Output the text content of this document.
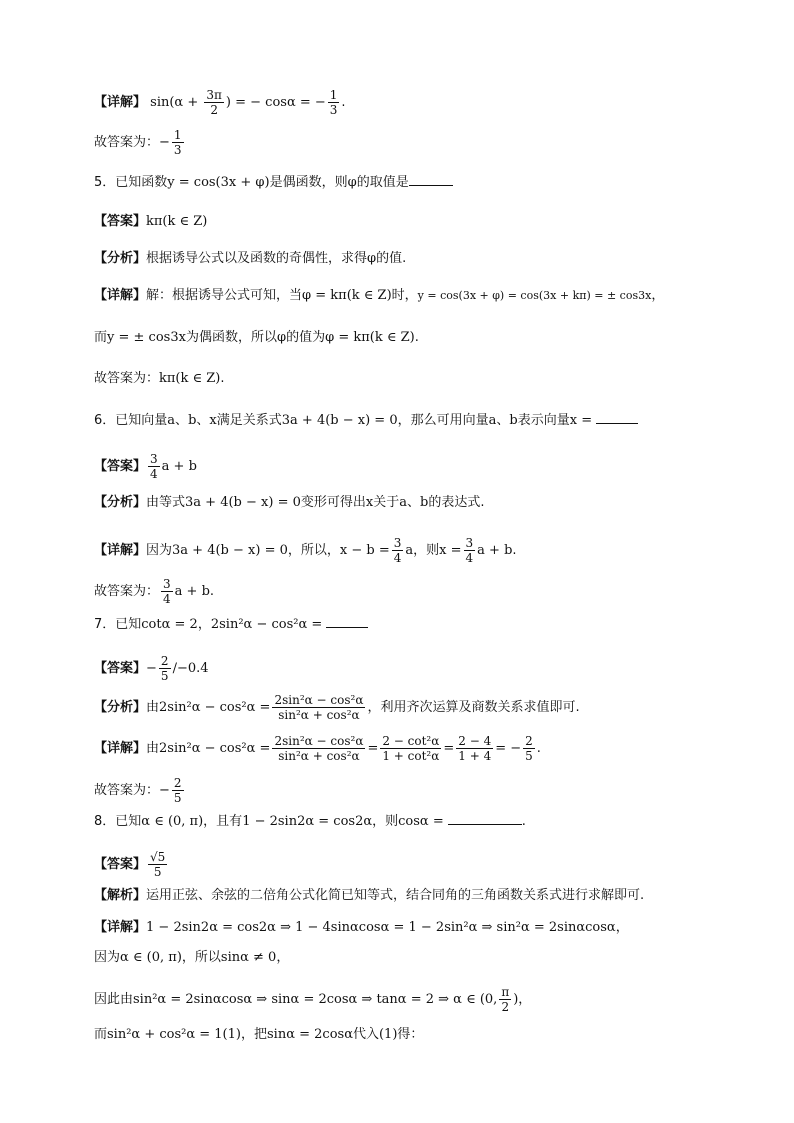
【详解】 $\sin(\alpha + \frac{3\pi}{2}$ ) = − cosα = − $\frac{1}{3}$ .
故答案为：− $\frac{1}{3}$
5．已知函数y = cos(3x + φ)是偶函数，则φ的取值是
【答案】kπ(k ∈ Z)
【分析】根据诱导公式以及函数的奇偶性，求得φ的值.
【详解】解：根据诱导公式可知，当φ = kπ(k ∈ Z)时，y = cos(3x + φ) = cos(3x + kπ) = ± cos3x，
而y = ± cos3x为偶函数，所以φ的值为φ = kπ(k ∈ Z).
故答案为：kπ(k ∈ Z).
6．已知向量a、b、x满足关系式3a + 4(b − x) = 0，那么可用向量a、b表示向量x =
【答案】 $\frac{3}{4}$ a + b
【分析】由等式3a + 4(b − x) = 0变形可得出x关于a、b的表达式.
【详解】因为3a + 4(b − x) = 0，所以，$x - b = \frac{3}{4}$ a，则$x = \frac{3}{4}$ a + b.
故答案为： $\frac{3}{4}$ a + b.
7．已知cotα = 2，2sin²α − cos²α =
【答案】− $\frac{2}{5} /-0.4$
【分析】由$2\sin^2\alpha - \cos^2\alpha = \frac{\text{2sin²α − cos²α}}{\text{sin²α + cos²α}}$ ，利用齐次运算及商数关系求值即可.
【详解】由$2\sin^2\alpha - \cos^2\alpha = \frac{\text{2sin²α − cos²α}}{\text{sin²α + cos²α}} = \frac{\text{2 − cot²α}}{\text{1 + cot²α}} = \frac{2 - 4}{1 + 4}$ = − $\frac{2}{5}$ .
故答案为：− $\frac{2}{5}$
8．已知α ∈ (0, π)，且有1 − 2sin2α = cos2α，则cosα =	.
【答案】 $\frac{√5}{5}$
【解析】运用正弦、余弦的二倍角公式化简已知等式，结合同角的三角函数关系式进行求解即可.
【详解】1 − 2sin2α = cos2α ⇒ 1 − 4sinαcosα = 1 − 2sin²α ⇒ sin²α = 2sinαcosα，
因为α ∈ (0, π)，所以sinα ≠ 0，
因此由sin²α = 2sinαcosα ⇒ sinα = 2cosα ⇒ tanα = 2 ⇒ α ∈ (0, $\frac{\pi}{2}$ )，
而sin²α + cos²α = 1(1)，把sinα = 2cosα代入(1)得：
